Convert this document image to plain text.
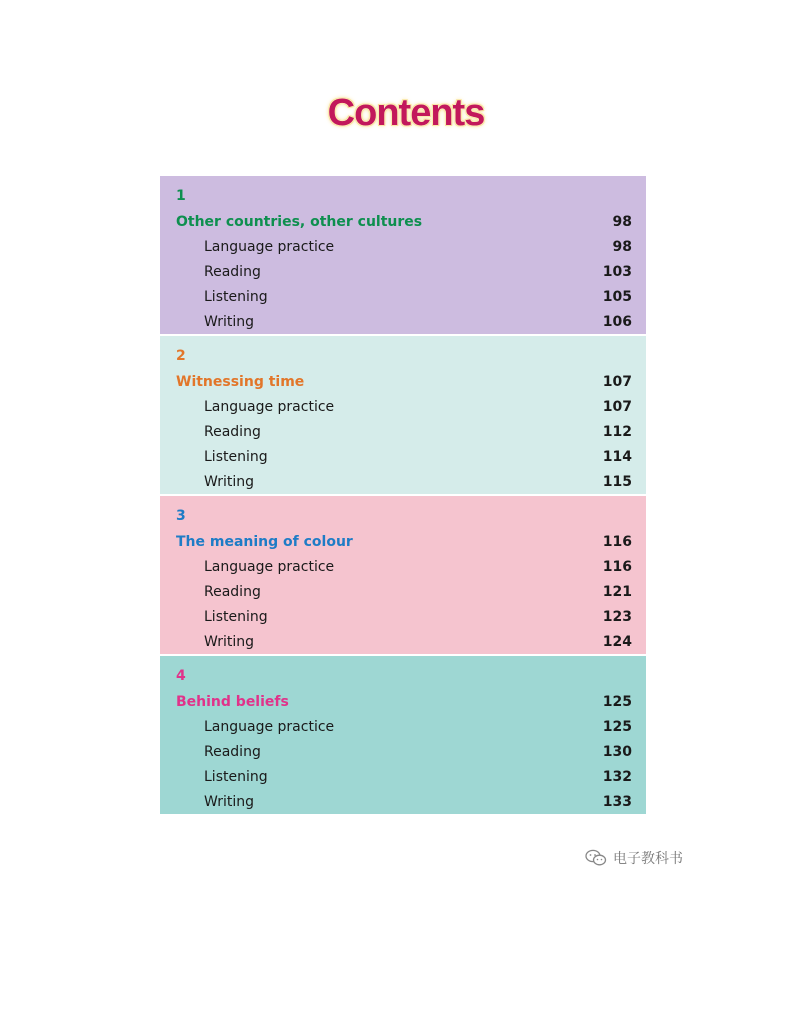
Contents
1
Other countries, other cultures	98
Language practice	98
Reading	103
Listening	105
Writing	106
2
Witnessing time	107
Language practice	107
Reading	112
Listening	114
Writing	115
3
The meaning of colour	116
Language practice	116
Reading	121
Listening	123
Writing	124
4
Behind beliefs	125
Language practice	125
Reading	130
Listening	132
Writing	133
电子教科书
